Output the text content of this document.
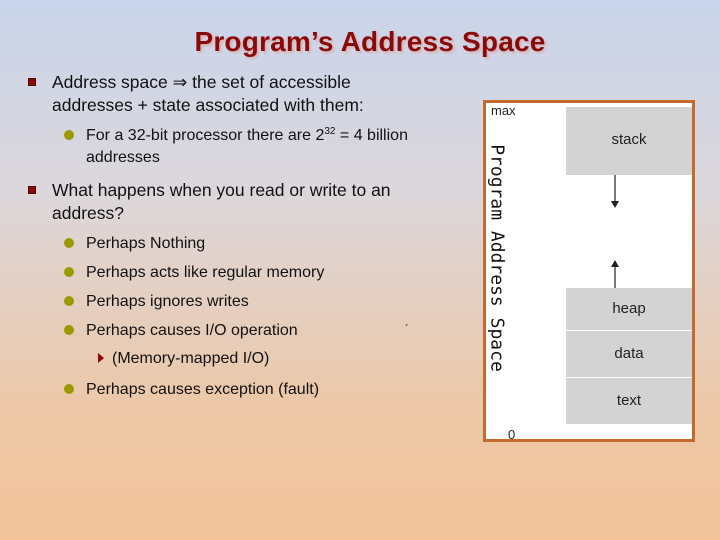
Program’s Address Space
Address space ⇒ the set of accessible
addresses + state associated with them:
For a 32-bit processor there are $2^{32} = 4$ billion
addresses
What happens when you read or write to an
address?
Perhaps Nothing
Perhaps acts like regular memory
Perhaps ignores writes
Perhaps causes I/O operation
(Memory-mapped I/O)
Perhaps causes exception (fault)
´
max
0
stack
heap
data
text
Program Address Space
